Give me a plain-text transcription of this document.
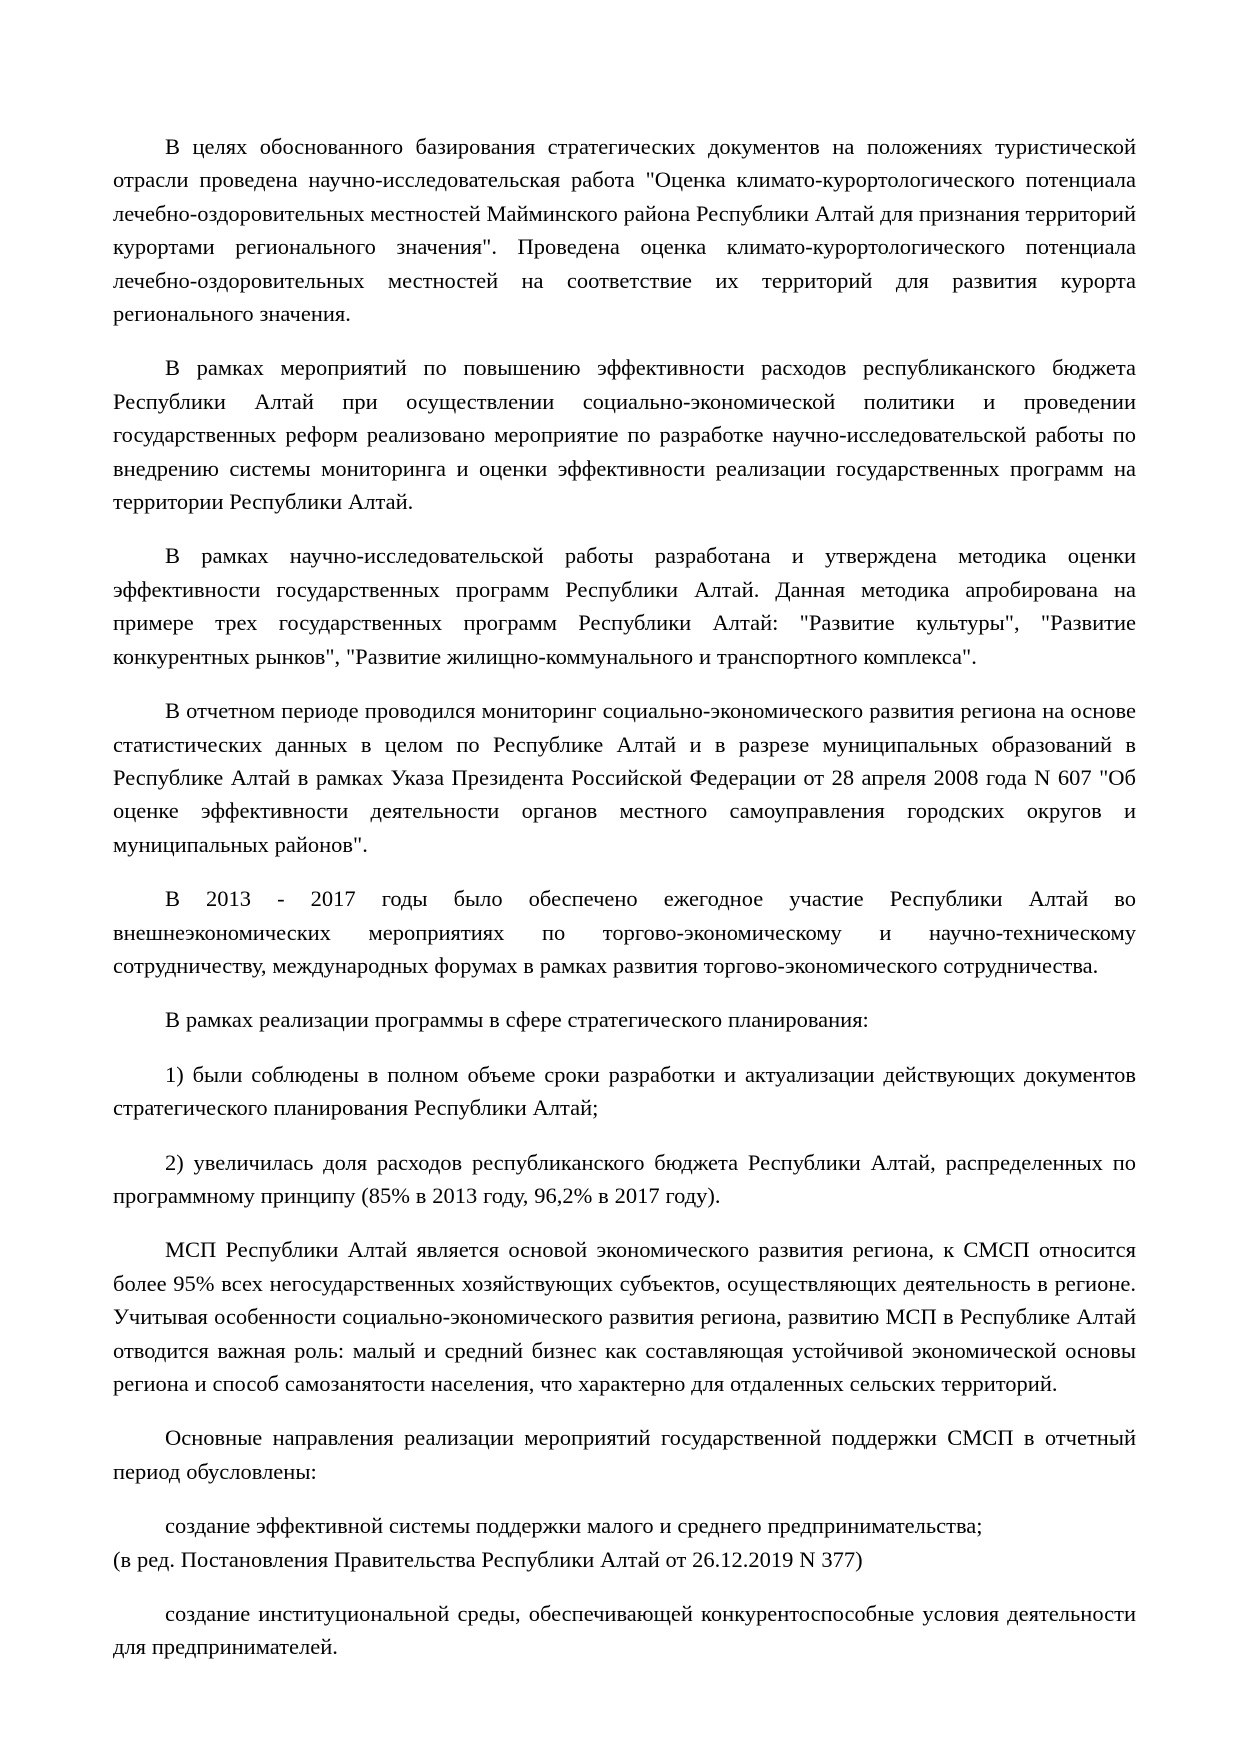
В целях обоснованного базирования стратегических документов на положениях туристической отрасли проведена научно-исследовательская работа "Оценка климато-курортологического потенциала лечебно-оздоровительных местностей Майминского района Республики Алтай для признания территорий курортами регионального значения". Проведена оценка климато-курортологического потенциала лечебно-оздоровительных местностей на соответствие их территорий для развития курорта регионального значения.

В рамках мероприятий по повышению эффективности расходов республиканского бюджета Республики Алтай при осуществлении социально-экономической политики и проведении государственных реформ реализовано мероприятие по разработке научно-исследовательской работы по внедрению системы мониторинга и оценки эффективности реализации государственных программ на территории Республики Алтай.

В рамках научно-исследовательской работы разработана и утверждена методика оценки эффективности государственных программ Республики Алтай. Данная методика апробирована на примере трех государственных программ Республики Алтай: "Развитие культуры", "Развитие конкурентных рынков", "Развитие жилищно-коммунального и транспортного комплекса".

В отчетном периоде проводился мониторинг социально-экономического развития региона на основе статистических данных в целом по Республике Алтай и в разрезе муниципальных образований в Республике Алтай в рамках Указа Президента Российской Федерации от 28 апреля 2008 года N 607 "Об оценке эффективности деятельности органов местного самоуправления городских округов и муниципальных районов".

В 2013 - 2017 годы было обеспечено ежегодное участие Республики Алтай во внешнеэкономических мероприятиях по торгово-экономическому и научно-техническому сотрудничеству, международных форумах в рамках развития торгово-экономического сотрудничества.

В рамках реализации программы в сфере стратегического планирования:

1) были соблюдены в полном объеме сроки разработки и актуализации действующих документов стратегического планирования Республики Алтай;

2) увеличилась доля расходов республиканского бюджета Республики Алтай, распределенных по программному принципу (85% в 2013 году, 96,2% в 2017 году).

МСП Республики Алтай является основой экономического развития региона, к СМСП относится более 95% всех негосударственных хозяйствующих субъектов, осуществляющих деятельность в регионе. Учитывая особенности социально-экономического развития региона, развитию МСП в Республике Алтай отводится важная роль: малый и средний бизнес как составляющая устойчивой экономической основы региона и способ самозанятости населения, что характерно для отдаленных сельских территорий.

Основные направления реализации мероприятий государственной поддержки СМСП в отчетный период обусловлены:

создание эффективной системы поддержки малого и среднего предпринимательства;

(в ред. Постановления Правительства Республики Алтай от 26.12.2019 N 377)

создание институциональной среды, обеспечивающей конкурентоспособные условия деятельности для предпринимателей.
